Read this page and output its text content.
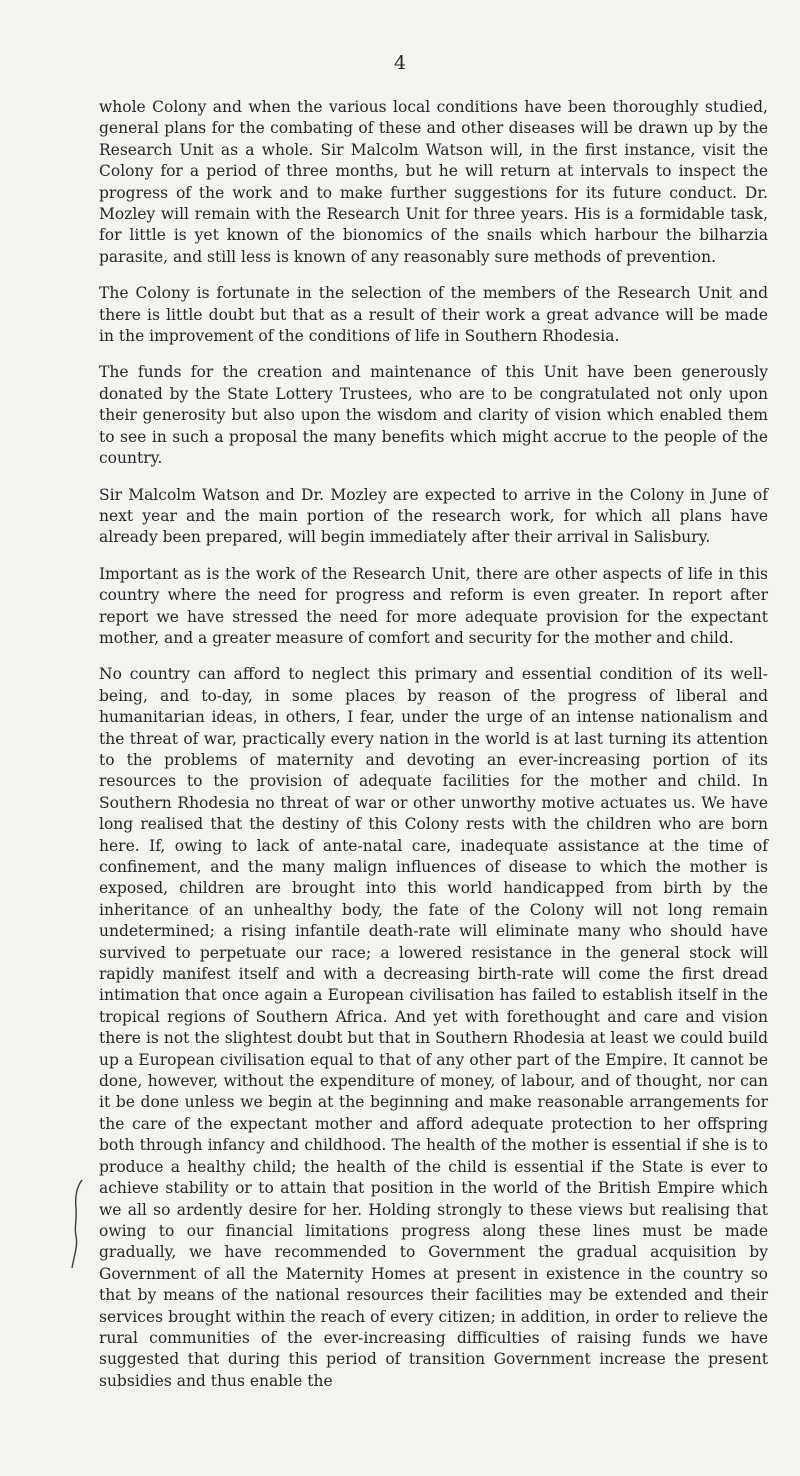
4

whole Colony and when the various local conditions have been thoroughly studied, general plans for the combating of these and other diseases will be drawn up by the Research Unit as a whole. Sir Malcolm Watson will, in the first instance, visit the Colony for a period of three months, but he will return at intervals to inspect the progress of the work and to make further suggestions for its future conduct. Dr. Mozley will remain with the Research Unit for three years. His is a formidable task, for little is yet known of the bionomics of the snails which harbour the bilharzia parasite, and still less is known of any reasonably sure methods of prevention.

The Colony is fortunate in the selection of the members of the Research Unit and there is little doubt but that as a result of their work a great advance will be made in the improvement of the conditions of life in Southern Rhodesia.

The funds for the creation and maintenance of this Unit have been generously donated by the State Lottery Trustees, who are to be congratulated not only upon their generosity but also upon the wisdom and clarity of vision which enabled them to see in such a proposal the many benefits which might accrue to the people of the country.

Sir Malcolm Watson and Dr. Mozley are expected to arrive in the Colony in June of next year and the main portion of the research work, for which all plans have already been prepared, will begin immediately after their arrival in Salisbury.

Important as is the work of the Research Unit, there are other aspects of life in this country where the need for progress and reform is even greater. In report after report we have stressed the need for more adequate provision for the expectant mother, and a greater measure of comfort and security for the mother and child.

No country can afford to neglect this primary and essential condition of its well-being, and to-day, in some places by reason of the progress of liberal and humanitarian ideas, in others, I fear, under the urge of an intense nationalism and the threat of war, practically every nation in the world is at last turning its attention to the problems of maternity and devoting an ever-increasing portion of its resources to the provision of adequate facilities for the mother and child. In Southern Rhodesia no threat of war or other unworthy motive actuates us. We have long realised that the destiny of this Colony rests with the children who are born here. If, owing to lack of ante-natal care, inadequate assistance at the time of confinement, and the many malign influences of disease to which the mother is exposed, children are brought into this world handicapped from birth by the inheritance of an unhealthy body, the fate of the Colony will not long remain undetermined; a rising infantile death-rate will eliminate many who should have survived to perpetuate our race; a lowered resistance in the general stock will rapidly manifest itself and with a decreasing birth-rate will come the first dread intimation that once again a European civilisation has failed to establish itself in the tropical regions of Southern Africa. And yet with forethought and care and vision there is not the slightest doubt but that in Southern Rhodesia at least we could build up a European civilisation equal to that of any other part of the Empire. It cannot be done, however, without the expenditure of money, of labour, and of thought, nor can it be done unless we begin at the beginning and make reasonable arrangements for the care of the expectant mother and afford adequate protection to her offspring both through infancy and childhood. The health of the mother is essential if she is to produce a healthy child; the health of the child is essential if the State is ever to achieve stability or to attain that position in the world of the British Empire which we all so ardently desire for her. Holding strongly to these views but realising that owing to our financial limitations progress along these lines must be made gradually, we have recommended to Government the gradual acquisition by Government of all the Maternity Homes at present in existence in the country so that by means of the national resources their facilities may be extended and their services brought within the reach of every citizen; in addition, in order to relieve the rural communities of the ever-increasing difficulties of raising funds we have suggested that during this period of transition Government increase the present subsidies and thus enable the
